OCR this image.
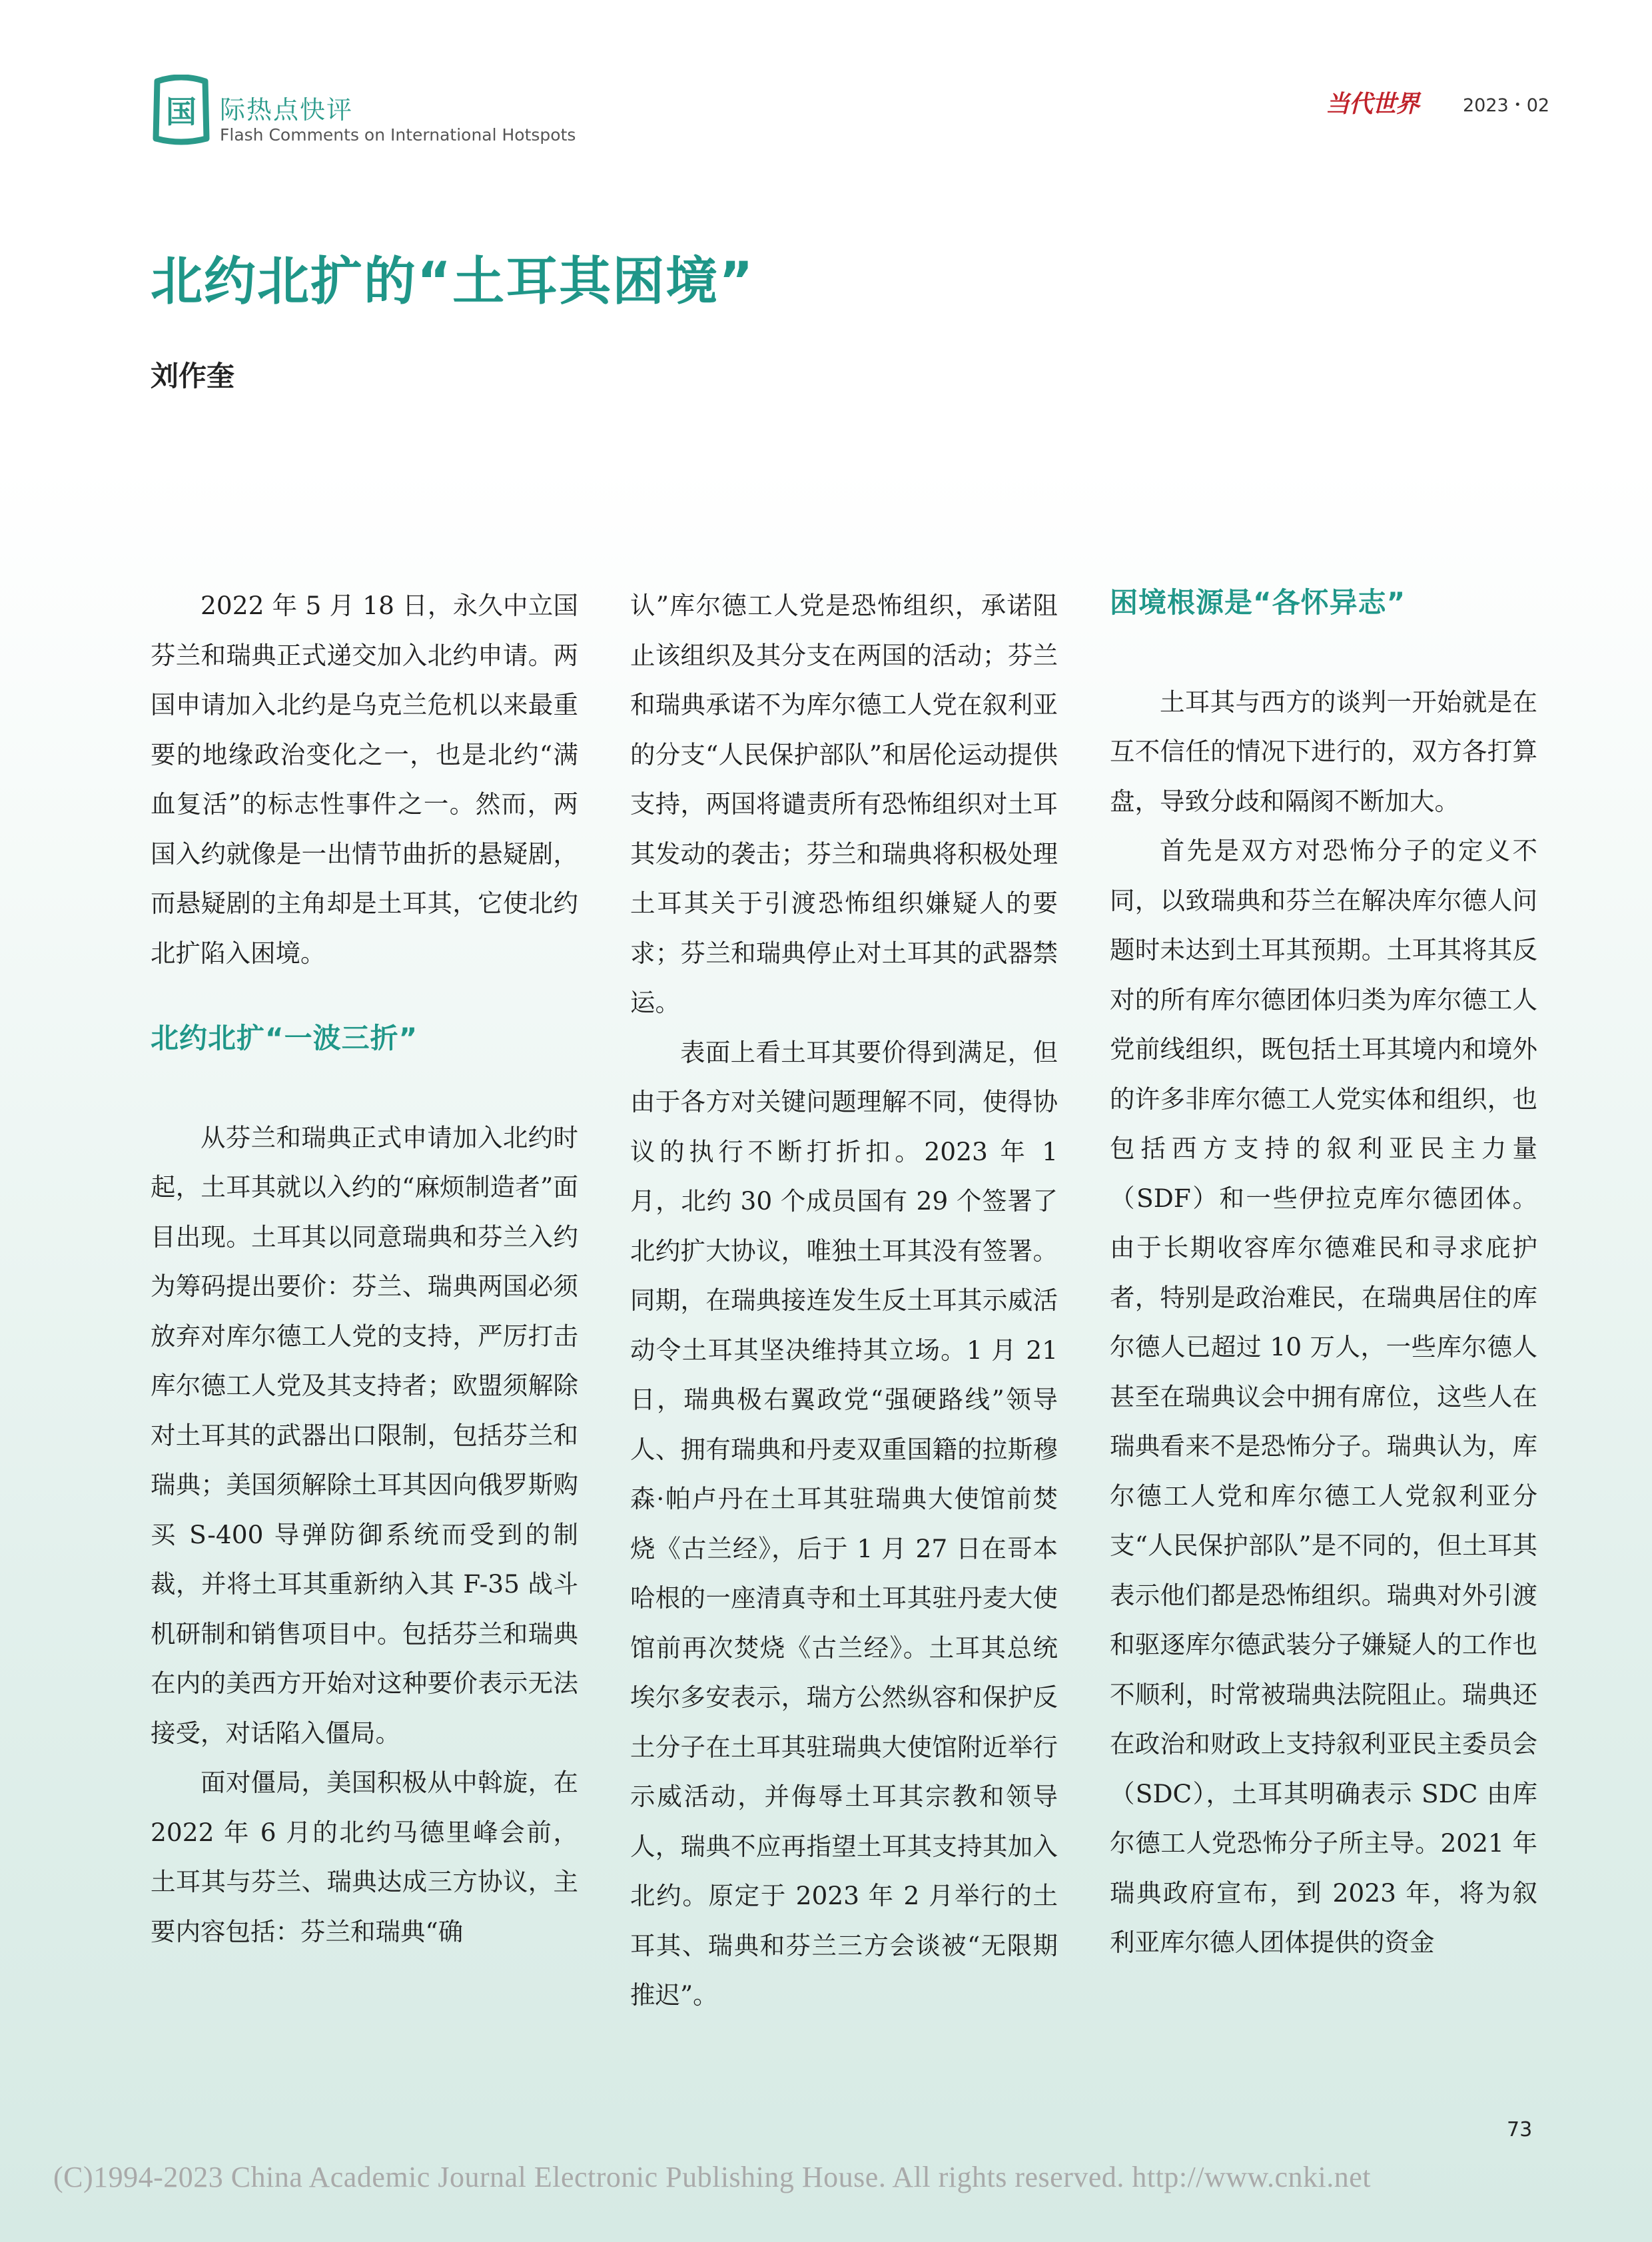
国 际热点快评
Flash Comments on International Hotspots
当代世界 2023・02
北约北扩的“土耳其困境”
刘作奎

2022 年 5 月 18 日，永久中立国芬兰和瑞典正式递交加入北约申请。两国申请加入北约是乌克兰危机以来最重要的地缘政治变化之一，也是北约“满血复活”的标志性事件之一。然而，两国入约就像是一出情节曲折的悬疑剧，而悬疑剧的主角却是土耳其，它使北约北扩陷入困境。

北约北扩“一波三折”

从芬兰和瑞典正式申请加入北约时起，土耳其就以入约的“麻烦制造者”面目出现。土耳其以同意瑞典和芬兰入约为筹码提出要价：芬兰、瑞典两国必须放弃对库尔德工人党的支持，严厉打击库尔德工人党及其支持者；欧盟须解除对土耳其的武器出口限制，包括芬兰和瑞典；美国须解除土耳其因向俄罗斯购买 S-400 导弹防御系统而受到的制裁，并将土耳其重新纳入其 F-35 战斗机研制和销售项目中。包括芬兰和瑞典在内的美西方开始对这种要价表示无法接受，对话陷入僵局。

面对僵局，美国积极从中斡旋，在 2022 年 6 月的北约马德里峰会前，土耳其与芬兰、瑞典达成三方协议，主要内容包括：芬兰和瑞典“确

认”库尔德工人党是恐怖组织，承诺阻止该组织及其分支在两国的活动；芬兰和瑞典承诺不为库尔德工人党在叙利亚的分支“人民保护部队”和居伦运动提供支持，两国将谴责所有恐怖组织对土耳其发动的袭击；芬兰和瑞典将积极处理土耳其关于引渡恐怖组织嫌疑人的要求；芬兰和瑞典停止对土耳其的武器禁运。

表面上看土耳其要价得到满足，但由于各方对关键问题理解不同，使得协议的执行不断打折扣。2023 年 1 月，北约 30 个成员国有 29 个签署了北约扩大协议，唯独土耳其没有签署。同期，在瑞典接连发生反土耳其示威活动令土耳其坚决维持其立场。1 月 21 日，瑞典极右翼政党“强硬路线”领导人、拥有瑞典和丹麦双重国籍的拉斯穆森·帕卢丹在土耳其驻瑞典大使馆前焚烧《古兰经》，后于 1 月 27 日在哥本哈根的一座清真寺和土耳其驻丹麦大使馆前再次焚烧《古兰经》。土耳其总统埃尔多安表示，瑞方公然纵容和保护反土分子在土耳其驻瑞典大使馆附近举行示威活动，并侮辱土耳其宗教和领导人，瑞典不应再指望土耳其支持其加入北约。原定于 2023 年 2 月举行的土耳其、瑞典和芬兰三方会谈被“无限期推迟”。

困境根源是“各怀异志”

土耳其与西方的谈判一开始就是在互不信任的情况下进行的，双方各打算盘，导致分歧和隔阂不断加大。

首先是双方对恐怖分子的定义不同，以致瑞典和芬兰在解决库尔德人问题时未达到土耳其预期。土耳其将其反对的所有库尔德团体归类为库尔德工人党前线组织，既包括土耳其境内和境外的许多非库尔德工人党实体和组织，也包括西方支持的叙利亚民主力量（SDF）和一些伊拉克库尔德团体。由于长期收容库尔德难民和寻求庇护者，特别是政治难民，在瑞典居住的库尔德人已超过 10 万人，一些库尔德人甚至在瑞典议会中拥有席位，这些人在瑞典看来不是恐怖分子。瑞典认为，库尔德工人党和库尔德工人党叙利亚分支“人民保护部队”是不同的，但土耳其表示他们都是恐怖组织。瑞典对外引渡和驱逐库尔德武装分子嫌疑人的工作也不顺利，时常被瑞典法院阻止。瑞典还在政治和财政上支持叙利亚民主委员会（SDC），土耳其明确表示 SDC 由库尔德工人党恐怖分子所主导。2021 年瑞典政府宣布，到 2023 年，将为叙利亚库尔德人团体提供的资金

73
(C)1994-2023 China Academic Journal Electronic Publishing House. All rights reserved. http://www.cnki.net
